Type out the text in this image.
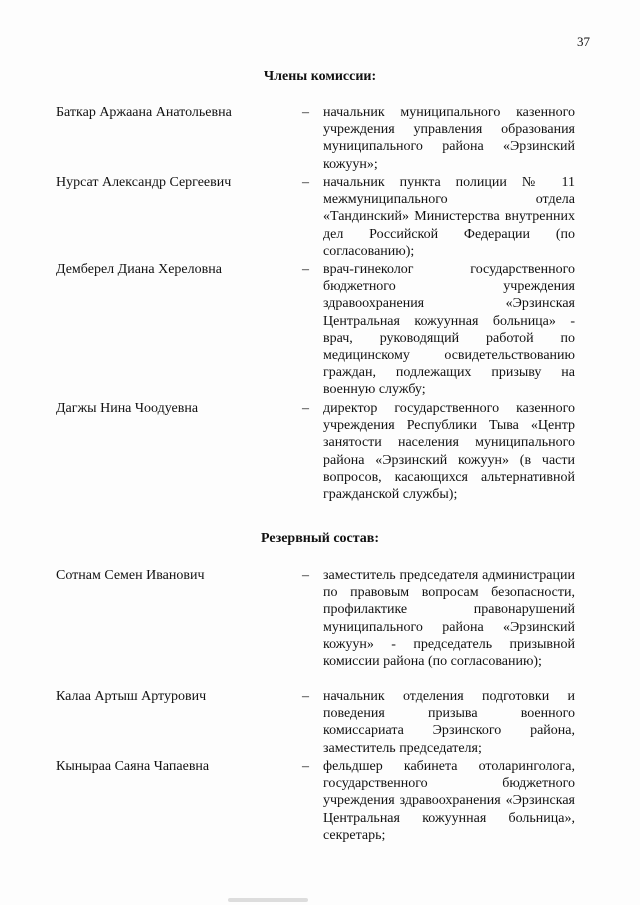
37
Члены комиссии:
Баткар Аржаана Анатольевна	– начальник муниципального казенного учреждения управления образования муниципального района «Эрзинский кожуун»;

Нурсат Александр Сергеевич	– начальник пункта полиции № 11 межмуниципального отдела «Тандинский» Министерства внутренних дел Российской Федерации (по согласованию);

Демберел Диана Хереловна	– врач-гинеколог государственного бюджетного учреждения здравоохранения «Эрзинская Центральная кожуунная больница» - врач, руководящий работой по медицинскому освидетельствованию граждан, подлежащих призыву на военную службу;

Дагжы Нина Чоодуевна	– директор государственного казенного учреждения Республики Тыва «Центр занятости населения муниципального района «Эрзинский кожуун» (в части вопросов, касающихся альтернативной гражданской службы);

Резервный состав:
Сотнам Семен Иванович	– заместитель председателя администрации по правовым вопросам безопасности, профилактике правонарушений муниципального района «Эрзинский кожуун» - председатель призывной комиссии района (по согласованию);

Калаа Артыш Артурович	– начальник отделения подготовки и поведения призыва военного комиссариата Эрзинского района, заместитель председателя;

Кынырaa Саяна Чапаевна	– фельдшер кабинета отоларинголога, государственного бюджетного учреждения здравоохранения «Эрзинская Центральная кожуунная больница», секретарь;
